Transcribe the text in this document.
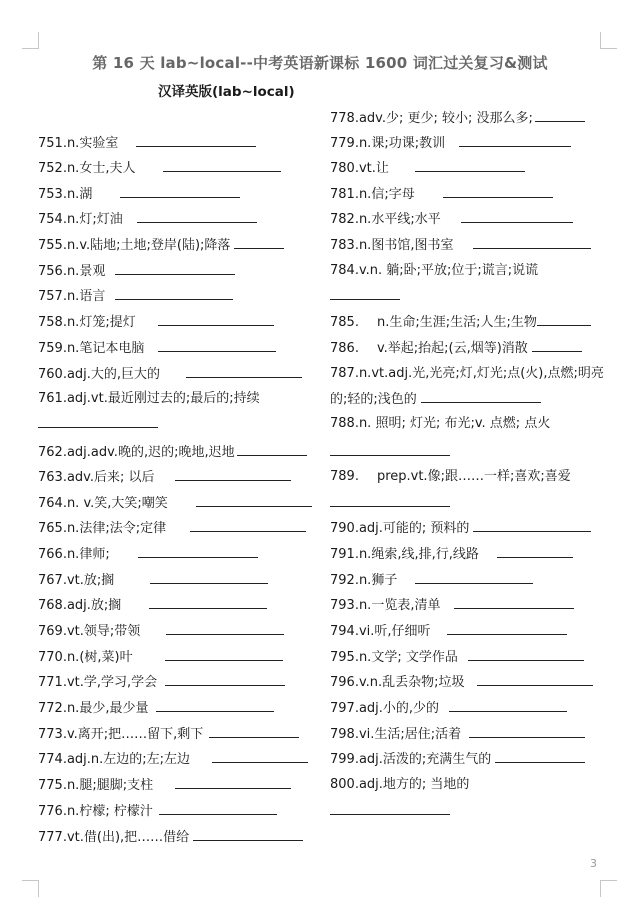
第 16 天 lab~local--中考英语新课标 1600 词汇过关复习&测试
汉译英版(lab~local)
751.n.实验室
752.n.女士,夫人
753.n.湖
754.n.灯;灯油
755.n.v.陆地;土地;登岸(陆);降落
756.n.景观
757.n.语言
758.n.灯笼;提灯
759.n.笔记本电脑
760.adj.大的,巨大的
761.adj.vt.最近刚过去的;最后的;持续
762.adj.adv.晚的,迟的;晚地,迟地
763.adv.后来; 以后
764.n. v.笑,大笑;嘲笑
765.n.法律;法令;定律
766.n.律师;
767.vt.放;搁
768.adj.放;搁
769.vt.领导;带领
770.n.(树,菜)叶
771.vt.学,学习,学会
772.n.最少,最少量
773.v.离开;把……留下,剩下
774.adj.n.左边的;左;左边
775.n.腿;腿脚;支柱
776.n.柠檬; 柠檬汁
777.vt.借(出),把……借给
778.adv.少; 更少; 较小; 没那么多;
779.n.课;功课;教训
780.vt.让
781.n.信;字母
782.n.水平线;水平
783.n.图书馆,图书室
784.v.n. 躺;卧;平放;位于;谎言;说谎
785. n.生命;生涯;生活;人生;生物
786. v.举起;抬起;(云,烟等)消散
787.n.vt.adj.光,光亮;灯,灯光;点(火),点燃;明亮
的;轻的;浅色的
788.n. 照明; 灯光; 布光;v. 点燃; 点火
789. prep.vt.像;跟……一样;喜欢;喜爱
790.adj.可能的; 预料的
791.n.绳索,线,排,行,线路
792.n.狮子
793.n.一览表,清单
794.vi.听,仔细听
795.n.文学; 文学作品
796.v.n.乱丢杂物;垃圾
797.adj.小的,少的
798.vi.生活;居住;活着
799.adj.活泼的;充满生气的
800.adj.地方的; 当地的
3
